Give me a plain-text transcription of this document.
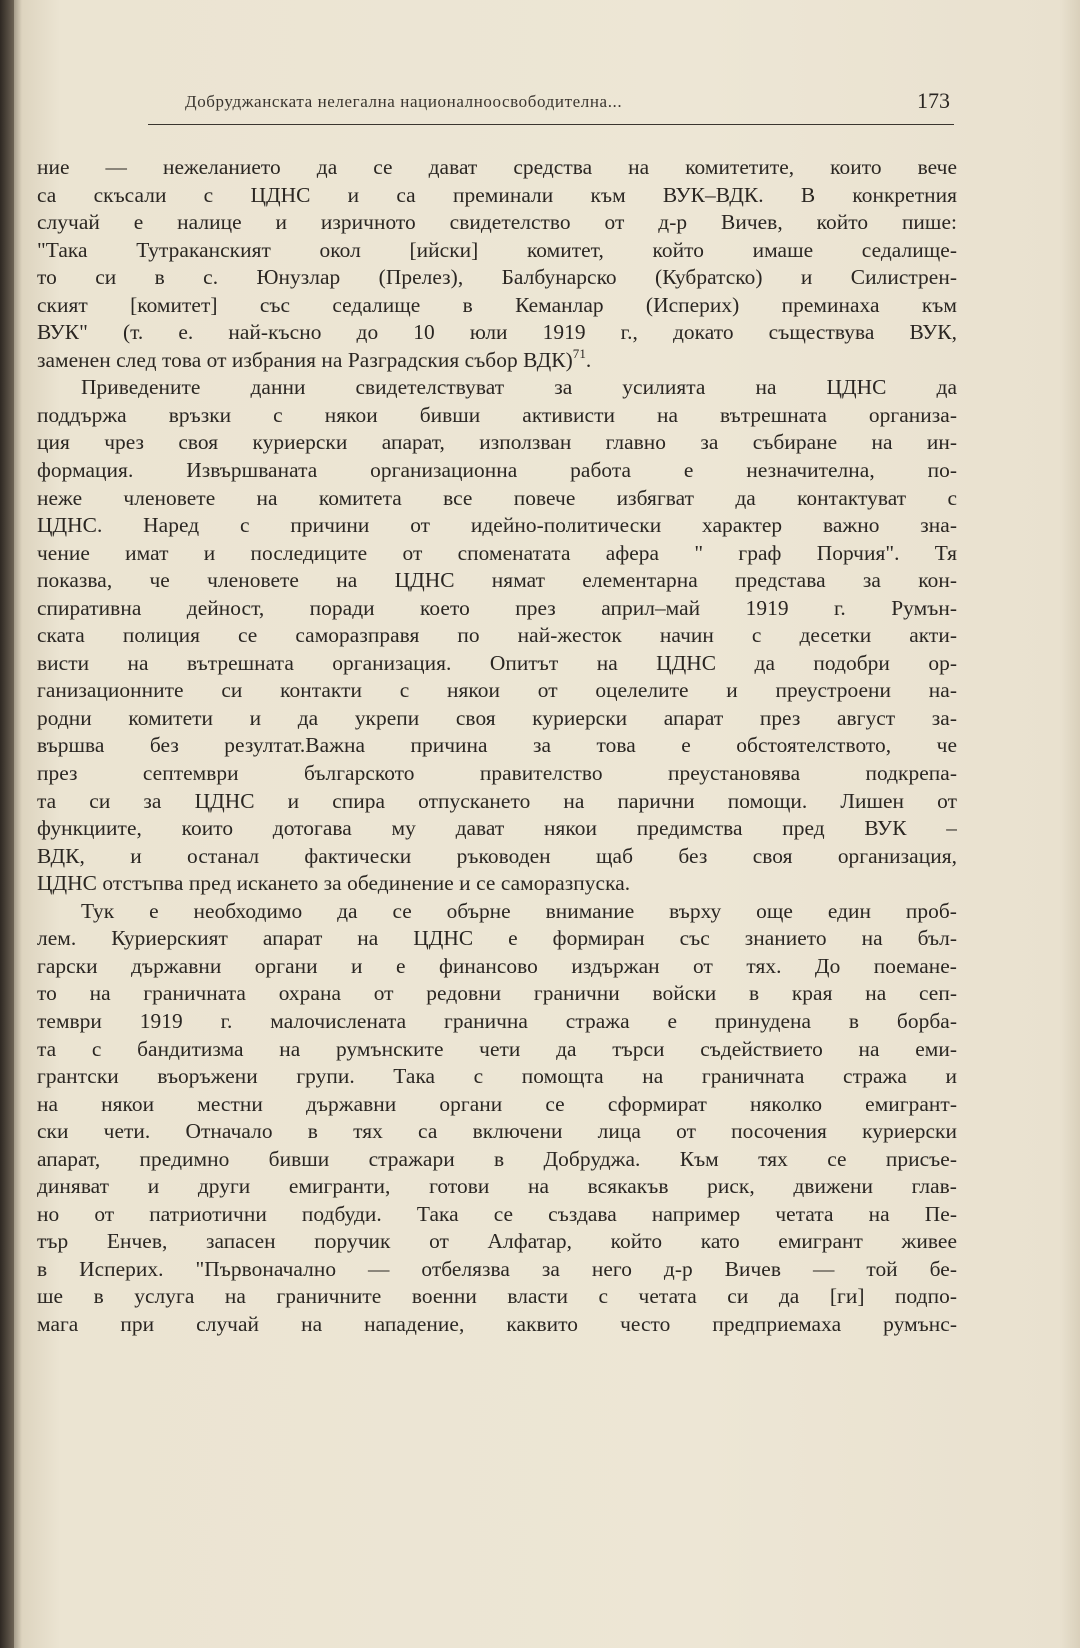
Добруджанската нелегална националноосвободителна...	173
ние — нежеланието да се дават средства на комитетите, които вече
са скъсали с ЦДНС и са преминали към ВУК–ВДК. В конкретния
случай е налице и изричното свидетелство от д-р Вичев, който пише:
"Така Тутраканският окол [ийски] комитет, който имаше седалище-
то си в с. Юнузлар (Прелез), Балбунарско (Кубратско) и Силистрен-
ският [комитет] със седалище в Кеманлар (Исперих) преминаха към
ВУК" (т. е. най-късно до 10 юли 1919 г., докато съществува ВУК,
заменен след това от избрания на Разградския събор ВДК)$^{71}$.
Приведените данни свидетелствуват за усилията на ЦДНС да
поддържа връзки с някои бивши активисти на вътрешната организа-
ция чрез своя куриерски апарат, използван главно за събиране на ин-
формация. Извършваната организационна работа е незначителна, по-
неже членовете на комитета все повече избягват да контактуват с
ЦДНС. Наред с причини от идейно-политически характер важно зна-
чение имат и последиците от споменатата афера " граф Порчия". Тя
показва, че членовете на ЦДНС нямат елементарна представа за кон-
спиративна дейност, поради което през април–май 1919 г. Румън-
ската полиция се саморазправя по най-жесток начин с десетки акти-
висти на вътрешната организация. Опитът на ЦДНС да подобри ор-
ганизационните си контакти с някои от оцелелите и преустроени на-
родни комитети и да укрепи своя куриерски апарат през август за-
вършва без резултат.Важна причина за това е обстоятелството, че
през септември българското правителство преустановява подкрепа-
та си за ЦДНС и спира отпускането на парични помощи. Лишен от
функциите, които дотогава му дават някои предимства пред ВУК –
ВДК, и останал фактически ръководен щаб без своя организация,
ЦДНС отстъпва пред искането за обединение и се саморазпуска.
Тук е необходимо да се обърне внимание върху още един проб-
лем. Куриерският апарат на ЦДНС е формиран със знанието на бъл-
гарски държавни органи и е финансово издържан от тях. До поемане-
то на граничната охрана от редовни гранични войски в края на сеп-
тември 1919 г. малочислената гранична стража е принудена в борба-
та с бандитизма на румънските чети да търси съдействието на еми-
грантски въоръжени групи. Така с помощта на граничната стража и
на някои местни държавни органи се сформират няколко емигрант-
ски чети. Отначало в тях са включени лица от посочения куриерски
апарат, предимно бивши стражари в Добруджа. Към тях се присъе-
диняват и други емигранти, готови на всякакъв риск, движени глав-
но от патриотични подбуди. Така се създава например четата на Пе-
тър Енчев, запасен поручик от Алфатар, който като емигрант живее
в Исперих. "Първоначално — отбелязва за него д-р Вичев — той бе-
ше в услуга на граничните военни власти с четата си да [ги] подпо-
мага при случай на нападение, каквито често предприемаха румънс-
